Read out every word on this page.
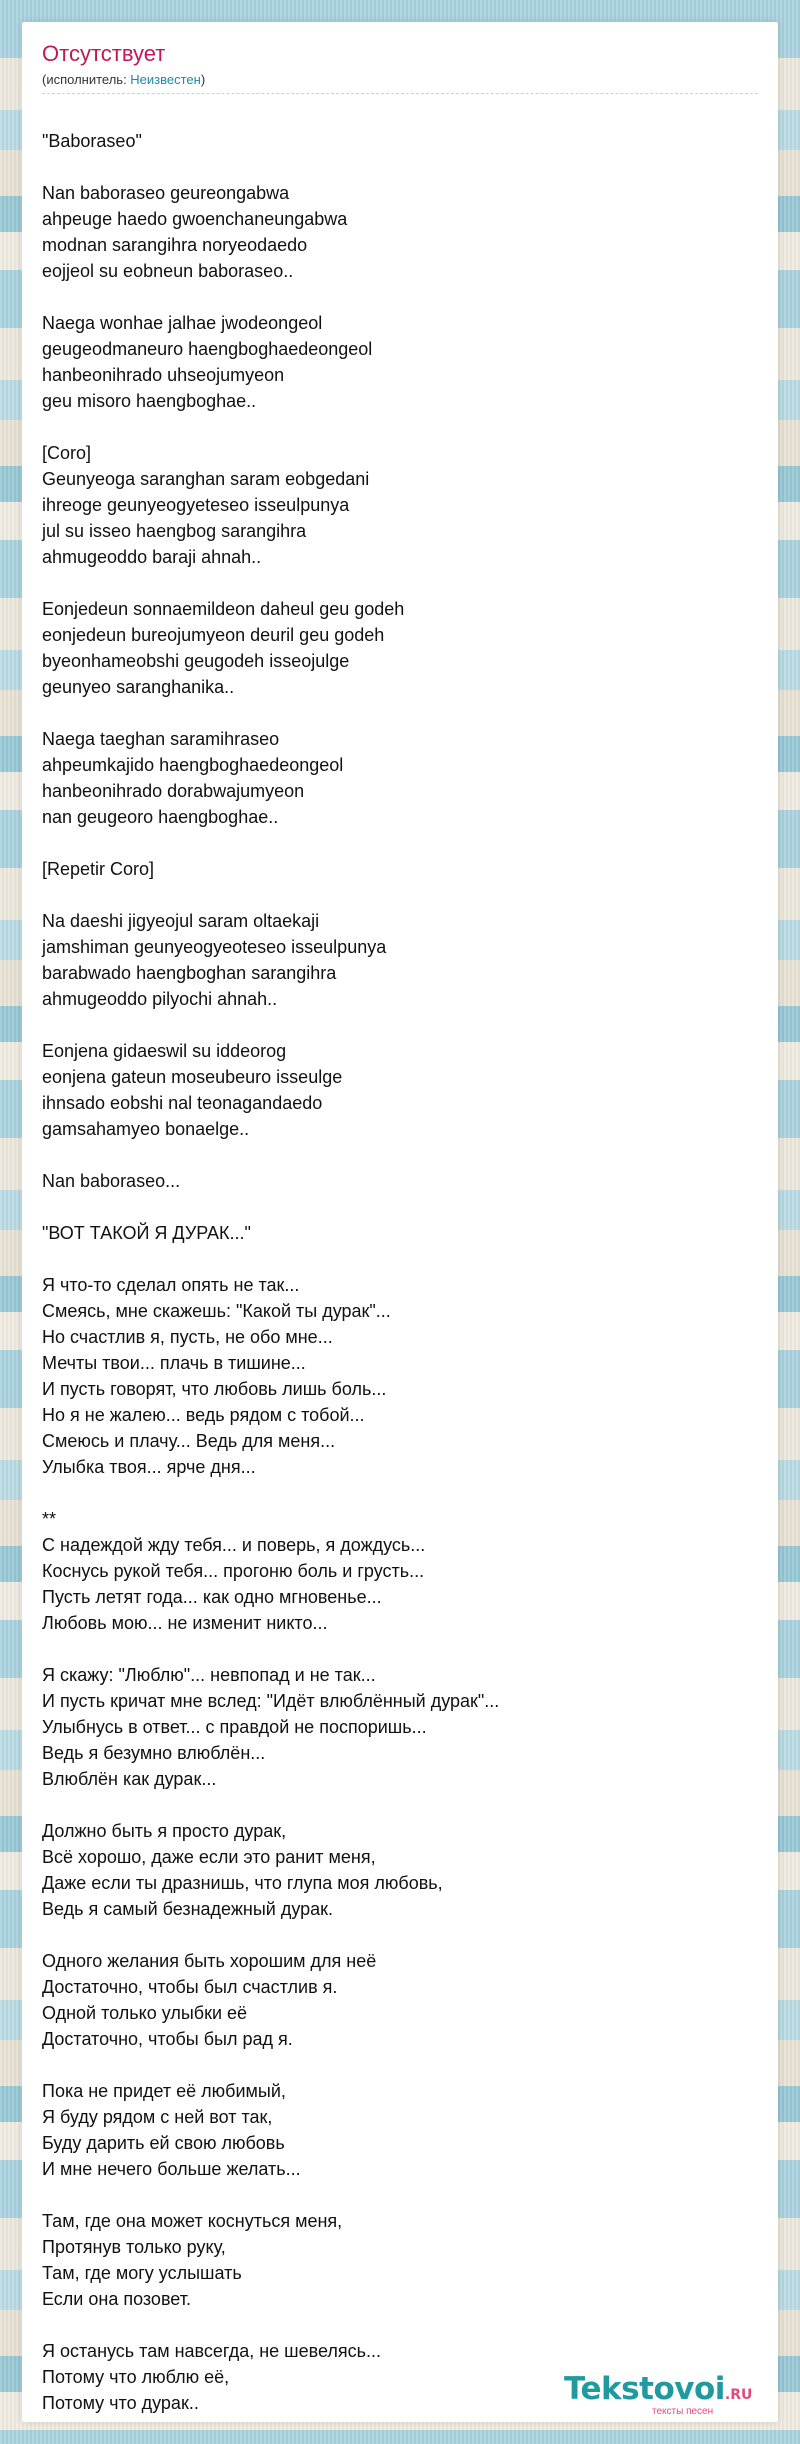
Отсутствует
(исполнитель: Неизвестен)
"Baboraseo"
Nan baboraseo geureongabwa
ahpeuge haedo gwoenchaneungabwa
modnan sarangihra noryeodaedo
eojjeol su eobneun baboraseo..
Naega wonhae jalhae jwodeongeol
geugeodmaneuro haengboghaedeongeol
hanbeonihrado uhseojumyeon
geu misoro haengboghae..
[Coro]
Geunyeoga saranghan saram eobgedani
ihreoge geunyeogyeteseo isseulpunya
jul su isseo haengbog sarangihra
ahmugeoddo baraji ahnah..
Eonjedeun sonnaemildeon daheul geu godeh
eonjedeun bureojumyeon deuril geu godeh
byeonhameobshi geugodeh isseojulge
geunyeo saranghanika..
Naega taeghan saramihraseo
ahpeumkajido haengboghaedeongeol
hanbeonihrado dorabwajumyeon
nan geugeoro haengboghae..
[Repetir Coro]
Na daeshi jigyeojul saram oltaekaji
jamshiman geunyeogyeoteseo isseulpunya
barabwado haengboghan sarangihra
ahmugeoddo pilyochi ahnah..
Eonjena gidaeswil su iddeorog
eonjena gateun moseubeuro isseulge
ihnsado eobshi nal teonagandaedo
gamsahamyeo bonaelge..
Nan baboraseo...
"ВОТ ТАКОЙ Я ДУРАК..."
Я что-то сделал опять не так...
Смеясь, мне скажешь: "Какой ты дурак"...
Но счастлив я, пусть, не обо мне...
Мечты твои... плачь в тишине...
И пусть говорят, что любовь лишь боль...
Но я не жалею... ведь рядом с тобой...
Смеюсь и плачу... Ведь для меня...
Улыбка твоя... ярче дня...
**
С надеждой жду тебя... и поверь, я дождусь...
Коснусь рукой тебя... прогоню боль и грусть...
Пусть летят года... как одно мгновенье...
Любовь мою... не изменит никто...
Я скажу: "Люблю"... невпопад и не так...
И пусть кричат мне вслед: "Идёт влюблённый дурак"...
Улыбнусь в ответ... с правдой не поспоришь...
Ведь я безумно влюблён...
Влюблён как дурак...
Должно быть я просто дурак,
Всё хорошо, даже если это ранит меня,
Даже если ты дразнишь, что глупа моя любовь,
Ведь я самый безнадежный дурак.
Одного желания быть хорошим для неё
Достаточно, чтобы был счастлив я.
Одной только улыбки её
Достаточно, чтобы был рад я.
Пока не придет её любимый,
Я буду рядом с ней вот так,
Буду дарить ей свою любовь
И мне нечего больше желать...
Там, где она может коснуться меня,
Протянув только руку,
Там, где могу услышать
Если она позовет.
Я останусь там навсегда, не шевелясь...
Потому что люблю её,
Потому что дурак..	Tekstovoi.RU
тексты песен
